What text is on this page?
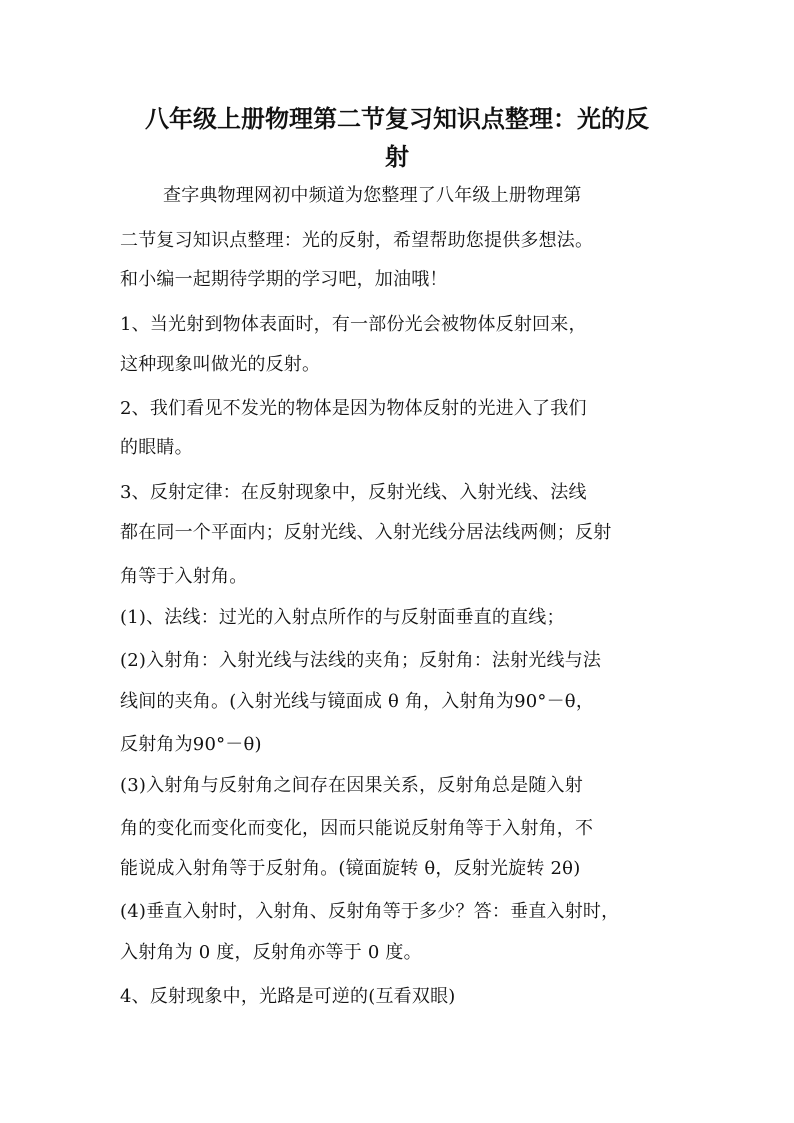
八年级上册物理第二节复习知识点整理：光的反
射

查字典物理网初中频道为您整理了八年级上册物理第

二节复习知识点整理：光的反射，希望帮助您提供多想法。

和小编一起期待学期的学习吧，加油哦！

1、当光射到物体表面时，有一部份光会被物体反射回来，

这种现象叫做光的反射。

2、我们看见不发光的物体是因为物体反射的光进入了我们

的眼睛。

3、反射定律：在反射现象中，反射光线、入射光线、法线

都在同一个平面内；反射光线、入射光线分居法线两侧；反射

角等于入射角。

(1)、法线：过光的入射点所作的与反射面垂直的直线；

(2)入射角：入射光线与法线的夹角；反射角：法射光线与法

线间的夹角。(入射光线与镜面成 θ 角，入射角为90°－θ，

反射角为90°－θ)

(3)入射角与反射角之间存在因果关系，反射角总是随入射

角的变化而变化而变化，因而只能说反射角等于入射角，不

能说成入射角等于反射角。(镜面旋转 θ，反射光旋转 2θ)

(4)垂直入射时，入射角、反射角等于多少？答：垂直入射时，

入射角为 0 度，反射角亦等于 0 度。

4、反射现象中，光路是可逆的(互看双眼)
